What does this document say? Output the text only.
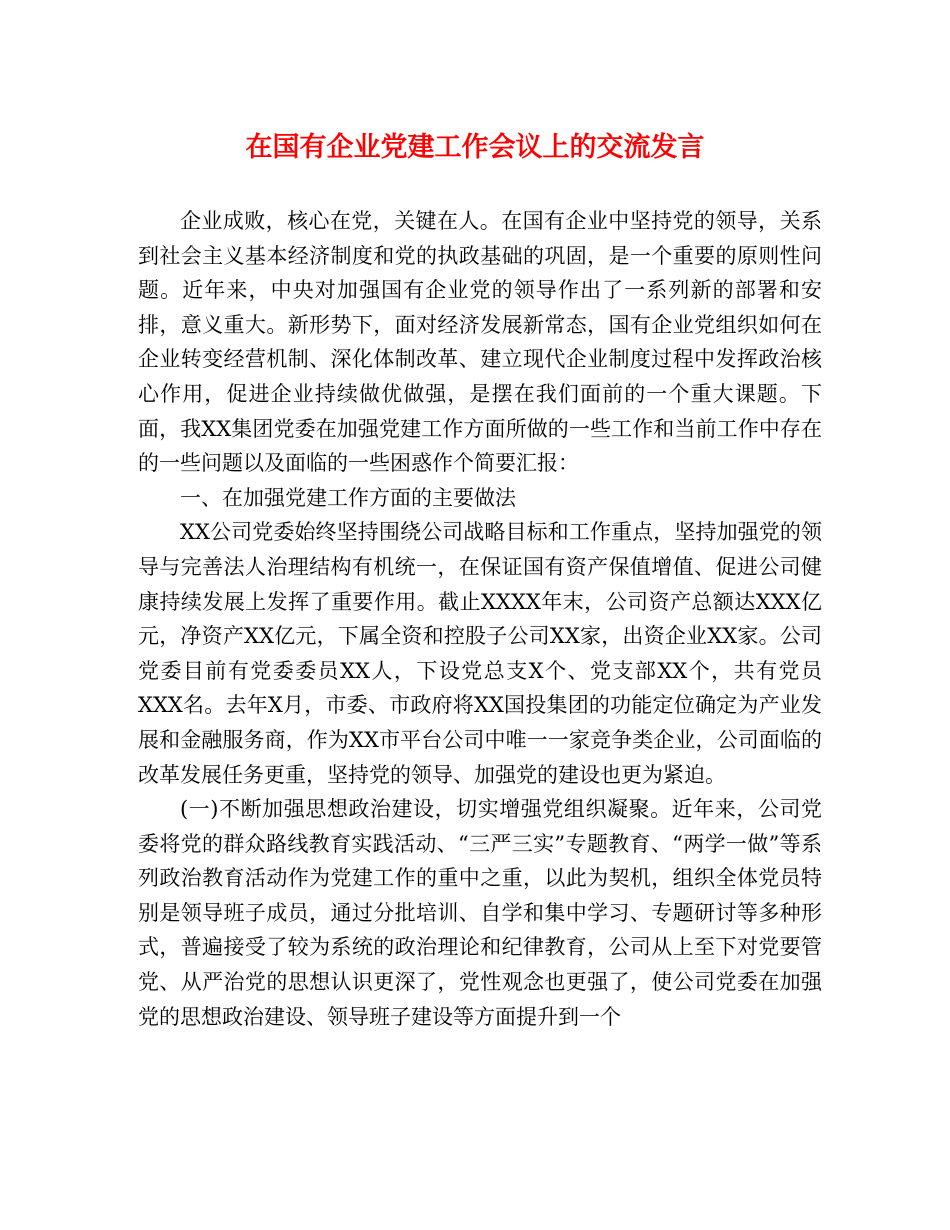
在国有企业党建工作会议上的交流发言

企业成败，核心在党，关键在人。在国有企业中坚持党的领导，关系到社会主义基本经济制度和党的执政基础的巩固，是一个重要的原则性问题。近年来，中央对加强国有企业党的领导作出了一系列新的部署和安排，意义重大。新形势下，面对经济发展新常态，国有企业党组织如何在企业转变经营机制、深化体制改革、建立现代企业制度过程中发挥政治核心作用，促进企业持续做优做强，是摆在我们面前的一个重大课题。下面，我XX集团党委在加强党建工作方面所做的一些工作和当前工作中存在的一些问题以及面临的一些困惑作个简要汇报：

一、在加强党建工作方面的主要做法

XX公司党委始终坚持围绕公司战略目标和工作重点，坚持加强党的领导与完善法人治理结构有机统一，在保证国有资产保值增值、促进公司健康持续发展上发挥了重要作用。截止XXXX年末，公司资产总额达XXX亿元，净资产XX亿元，下属全资和控股子公司XX家，出资企业XX家。公司党委目前有党委委员XX人，下设党总支X个、党支部XX个，共有党员XXX名。去年X月，市委、市政府将XX国投集团的功能定位确定为产业发展和金融服务商，作为XX市平台公司中唯一一家竞争类企业，公司面临的改革发展任务更重，坚持党的领导、加强党的建设也更为紧迫。

(一)不断加强思想政治建设，切实增强党组织凝聚。近年来，公司党委将党的群众路线教育实践活动、“三严三实”专题教育、“两学一做”等系列政治教育活动作为党建工作的重中之重，以此为契机，组织全体党员特别是领导班子成员，通过分批培训、自学和集中学习、专题研讨等多种形式，普遍接受了较为系统的政治理论和纪律教育，公司从上至下对党要管党、从严治党的思想认识更深了，党性观念也更强了，使公司党委在加强党的思想政治建设、领导班子建设等方面提升到一个
